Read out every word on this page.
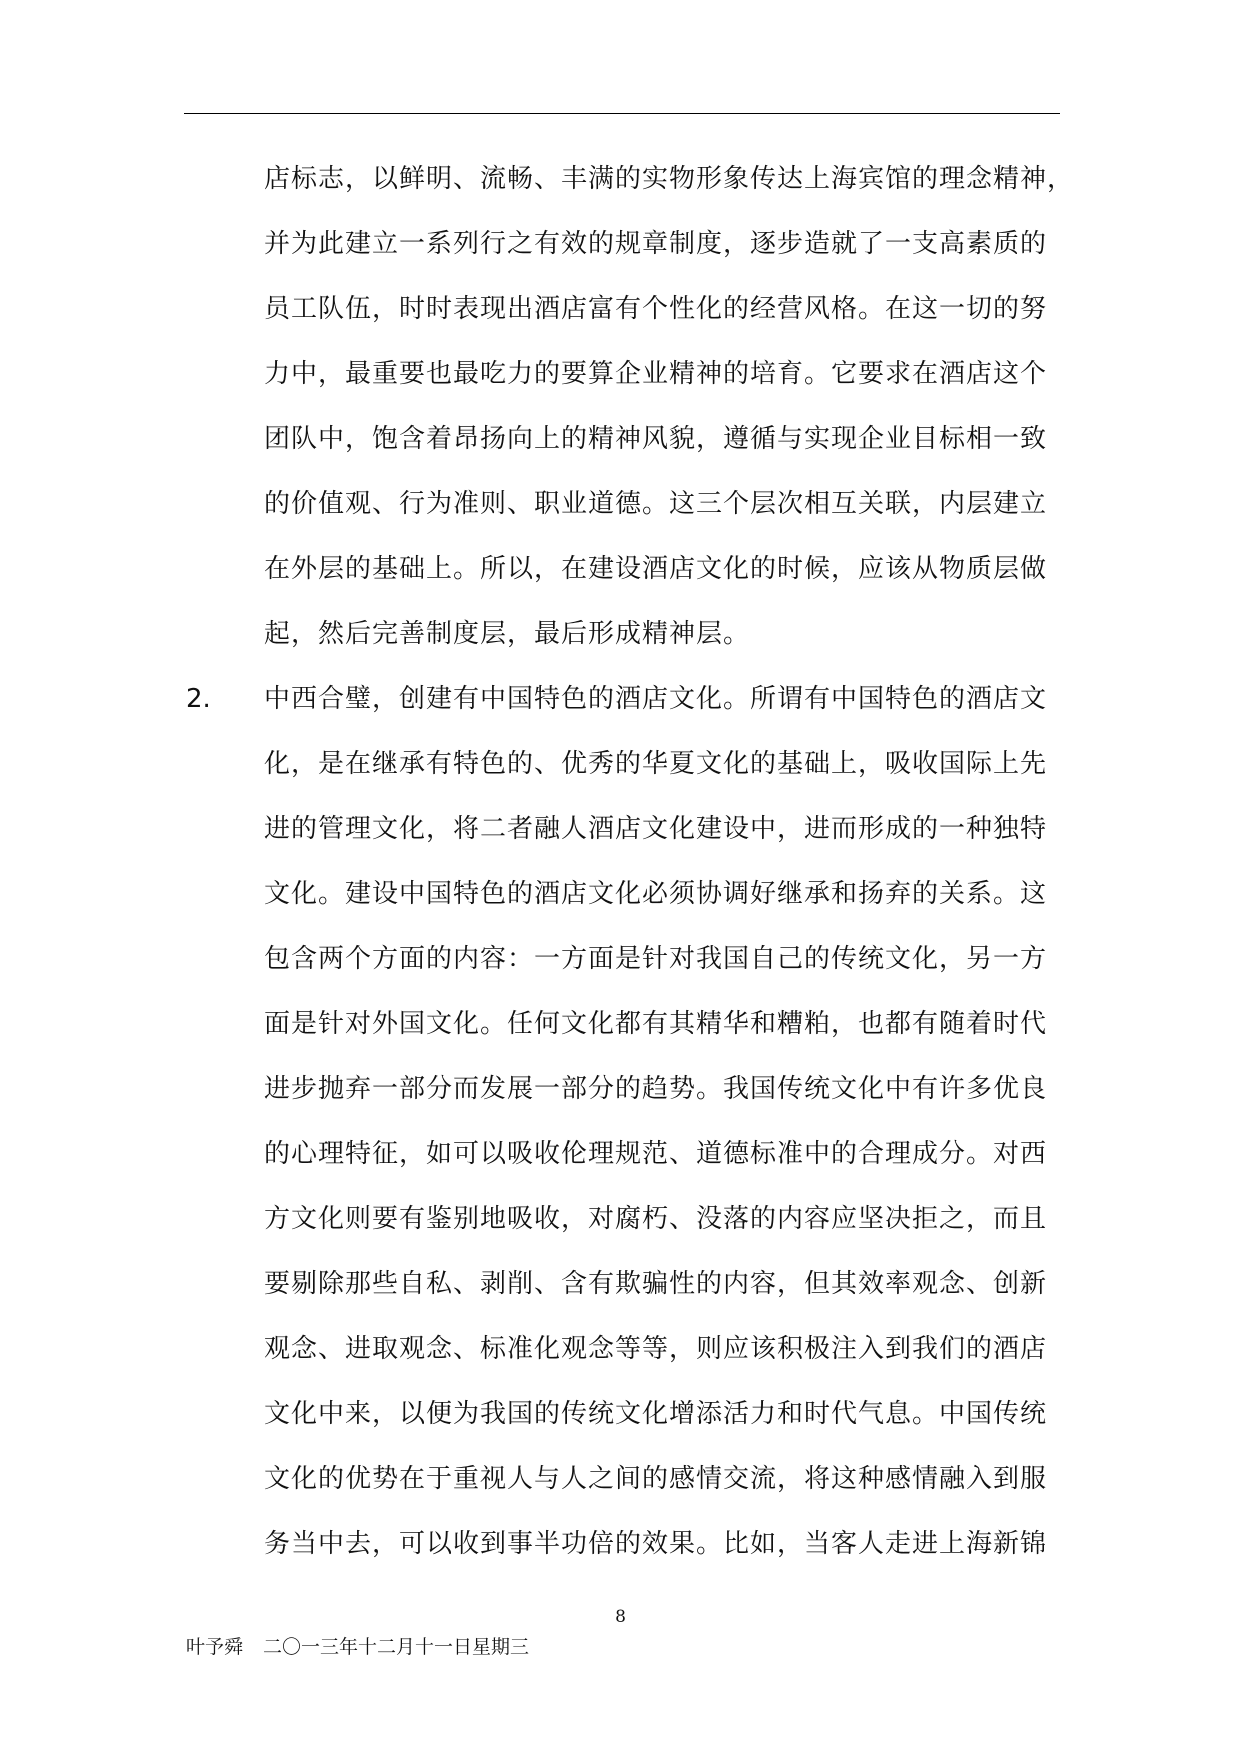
店标志，以鲜明、流畅、丰满的实物形象传达上海宾馆的理念精神，
并为此建立一系列行之有效的规章制度，逐步造就了一支高素质的
员工队伍，时时表现出酒店富有个性化的经营风格。在这一切的努
力中，最重要也最吃力的要算企业精神的培育。它要求在酒店这个
团队中，饱含着昂扬向上的精神风貌，遵循与实现企业目标相一致
的价值观、行为准则、职业道德。这三个层次相互关联，内层建立
在外层的基础上。所以，在建设酒店文化的时候，应该从物质层做
起，然后完善制度层，最后形成精神层。
2. 中西合璧，创建有中国特色的酒店文化。所谓有中国特色的酒店文
化，是在继承有特色的、优秀的华夏文化的基础上，吸收国际上先
进的管理文化，将二者融人酒店文化建设中，进而形成的一种独特
文化。建设中国特色的酒店文化必须协调好继承和扬弃的关系。这
包含两个方面的内容：一方面是针对我国自己的传统文化，另一方
面是针对外国文化。任何文化都有其精华和糟粕，也都有随着时代
进步抛弃一部分而发展一部分的趋势。我国传统文化中有许多优良
的心理特征，如可以吸收伦理规范、道德标准中的合理成分。对西
方文化则要有鉴别地吸收，对腐朽、没落的内容应坚决拒之，而且
要剔除那些自私、剥削、含有欺骗性的内容，但其效率观念、创新
观念、进取观念、标准化观念等等，则应该积极注入到我们的酒店
文化中来，以便为我国的传统文化增添活力和时代气息。中国传统
文化的优势在于重视人与人之间的感情交流，将这种感情融入到服
务当中去，可以收到事半功倍的效果。比如，当客人走进上海新锦
8
叶予舜 二〇一三年十二月十一日星期三
